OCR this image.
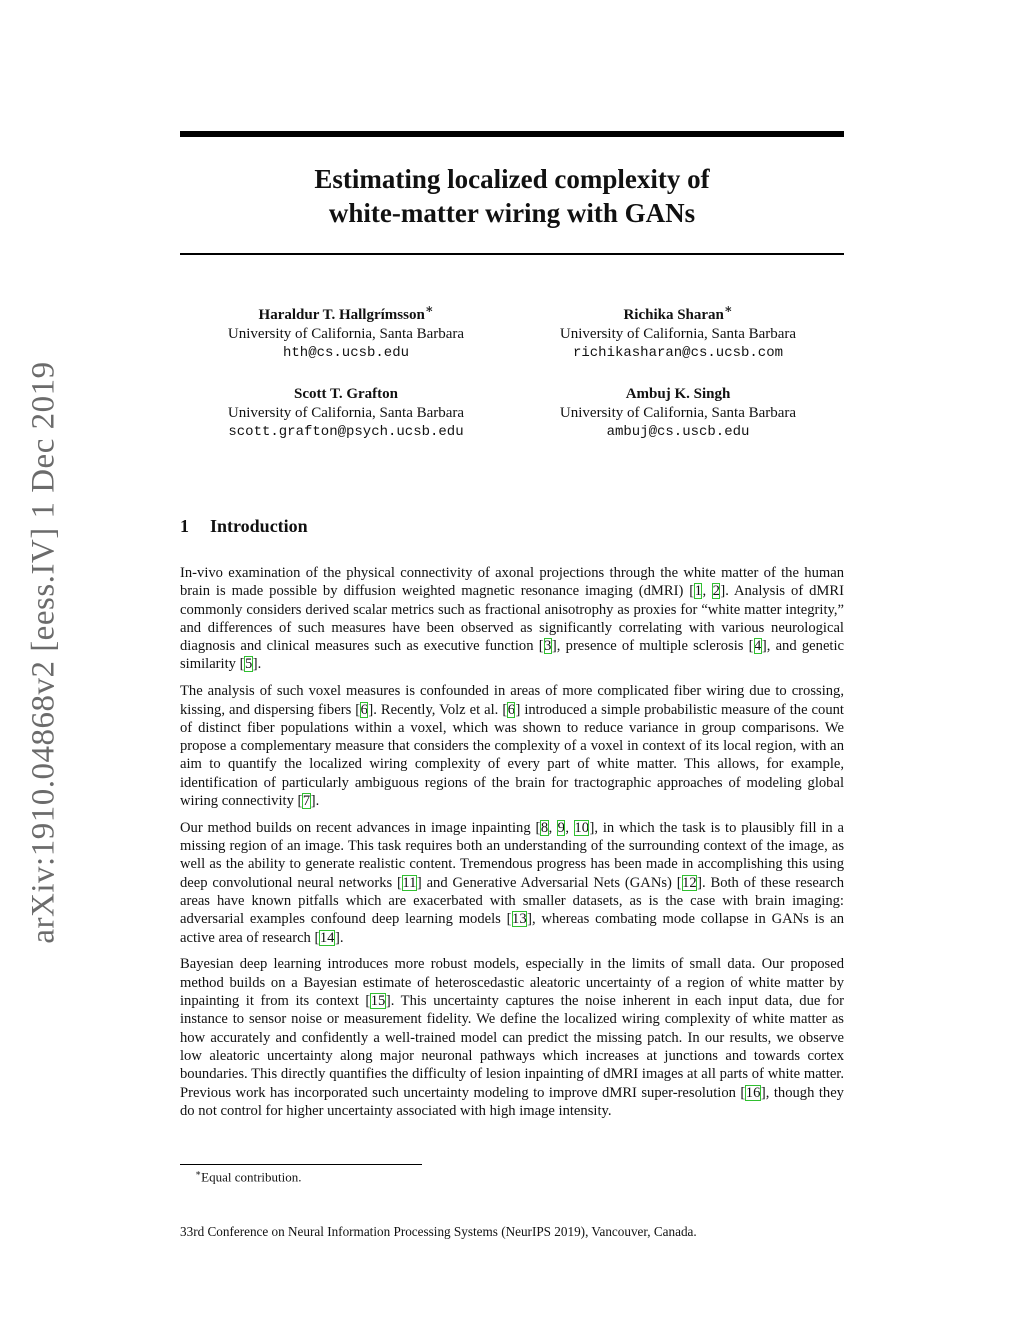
arXiv:1910.04868v2 [eess.IV] 1 Dec 2019
Estimating localized complexity of
white-matter wiring with GANs
Haraldur T. Hallgrímsson∗
University of California, Santa Barbara
hth@cs.ucsb.edu
Richika Sharan∗
University of California, Santa Barbara
richikasharan@cs.ucsb.com
Scott T. Grafton
University of California, Santa Barbara
scott.grafton@psych.ucsb.edu
Ambuj K. Singh
University of California, Santa Barbara
ambuj@cs.uscb.edu
1 Introduction

In-vivo examination of the physical connectivity of axonal projections through the white matter of the human brain is made possible by diffusion weighted magnetic resonance imaging (dMRI) [1, 2]. Analysis of dMRI commonly considers derived scalar metrics such as fractional anisotrophy as proxies for “white matter integrity,” and differences of such measures have been observed as significantly correlating with various neurological diagnosis and clinical measures such as executive function [3], presence of multiple sclerosis [4], and genetic similarity [5].

The analysis of such voxel measures is confounded in areas of more complicated fiber wiring due to crossing, kissing, and dispersing fibers [6]. Recently, Volz et al. [6] introduced a simple probabilistic measure of the count of distinct fiber populations within a voxel, which was shown to reduce variance in group comparisons. We propose a complementary measure that considers the complexity of a voxel in context of its local region, with an aim to quantify the localized wiring complexity of every part of white matter. This allows, for example, identification of particularly ambiguous regions of the brain for tractographic approaches of modeling global wiring connectivity [7].

Our method builds on recent advances in image inpainting [8, 9, 10], in which the task is to plausibly fill in a missing region of an image. This task requires both an understanding of the surrounding context of the image, as well as the ability to generate realistic content. Tremendous progress has been made in accomplishing this using deep convolutional neural networks [11] and Generative Adversarial Nets (GANs) [12]. Both of these research areas have known pitfalls which are exacerbated with smaller datasets, as is the case with brain imaging: adversarial examples confound deep learning models [13], whereas combating mode collapse in GANs is an active area of research [14].

Bayesian deep learning introduces more robust models, especially in the limits of small data. Our proposed method builds on a Bayesian estimate of heteroscedastic aleatoric uncertainty of a region of white matter by inpainting it from its context [15]. This uncertainty captures the noise inherent in each input data, due for instance to sensor noise or measurement fidelity. We define the localized wiring complexity of white matter as how accurately and confidently a well-trained model can predict the missing patch. In our results, we observe low aleatoric uncertainty along major neuronal pathways which increases at junctions and towards cortex boundaries. This directly quantifies the difficulty of lesion inpainting of dMRI images at all parts of white matter. Previous work has incorporated such uncertainty modeling to improve dMRI super-resolution [16], though they do not control for higher uncertainty associated with high image intensity.

∗Equal contribution.
33rd Conference on Neural Information Processing Systems (NeurIPS 2019), Vancouver, Canada.
